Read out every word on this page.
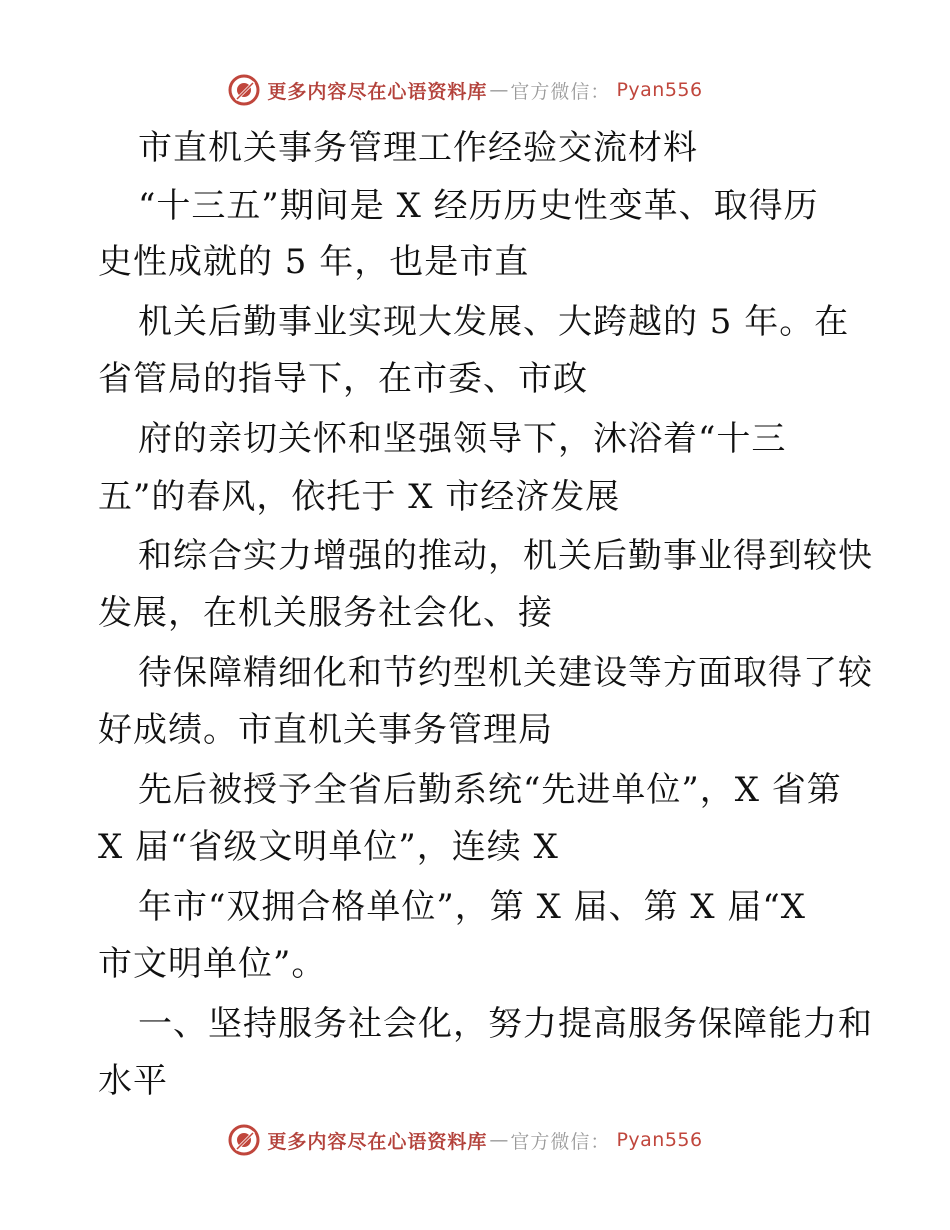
更多内容尽在心语资料库 — 官方微信： Pyan556
市直机关事务管理工作经验交流材料
“十三五”期间是 X 经历历史性变革、取得历
史性成就的 5 年，也是市直
机关后勤事业实现大发展、大跨越的 5 年。在
省管局的指导下，在市委、市政
府的亲切关怀和坚强领导下，沐浴着“十三
五”的春风，依托于 X 市经济发展
和综合实力增强的推动，机关后勤事业得到较快
发展，在机关服务社会化、接
待保障精细化和节约型机关建设等方面取得了较
好成绩。市直机关事务管理局
先后被授予全省后勤系统“先进单位”，X 省第
X 届“省级文明单位”，连续 X
年市“双拥合格单位”，第 X 届、第 X 届“X
市文明单位”。
一、坚持服务社会化，努力提高服务保障能力和
水平
更多内容尽在心语资料库 — 官方微信： Pyan556
